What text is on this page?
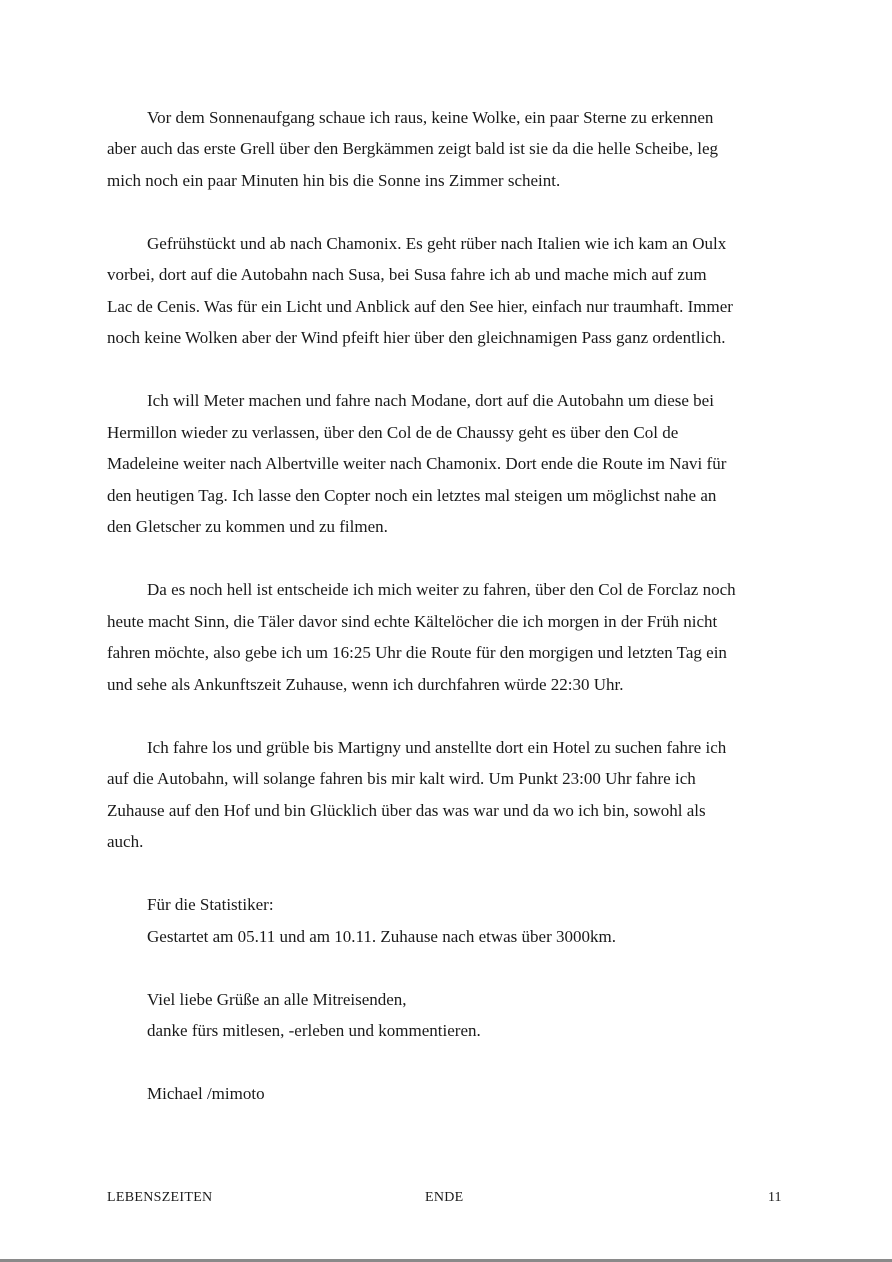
Vor dem Sonnenaufgang schaue ich raus, keine Wolke, ein paar Sterne zu erkennen
aber auch das erste Grell über den Bergkämmen zeigt bald ist sie da die helle Scheibe, leg
mich noch ein paar Minuten hin bis die Sonne ins Zimmer scheint.
Gefrühstückt und ab nach Chamonix. Es geht rüber nach Italien wie ich kam an Oulx
vorbei, dort auf die Autobahn nach Susa, bei Susa fahre ich ab und mache mich auf zum
Lac de Cenis. Was für ein Licht und Anblick auf den See hier, einfach nur traumhaft. Immer
noch keine Wolken aber der Wind pfeift hier über den gleichnamigen Pass ganz ordentlich.
Ich will Meter machen und fahre nach Modane, dort auf die Autobahn um diese bei
Hermillon wieder zu verlassen, über den Col de de Chaussy geht es über den Col de
Madeleine weiter nach Albertville weiter nach Chamonix. Dort ende die Route im Navi für
den heutigen Tag. Ich lasse den Copter noch ein letztes mal steigen um möglichst nahe an
den Gletscher zu kommen und zu filmen.
Da es noch hell ist entscheide ich mich weiter zu fahren, über den Col de Forclaz noch
heute macht Sinn, die Täler davor sind echte Kältelöcher die ich morgen in der Früh nicht
fahren möchte, also gebe ich um 16:25 Uhr die Route für den morgigen und letzten Tag ein
und sehe als Ankunftszeit Zuhause, wenn ich durchfahren würde 22:30 Uhr.
Ich fahre los und grüble bis Martigny und anstellte dort ein Hotel zu suchen fahre ich
auf die Autobahn, will solange fahren bis mir kalt wird. Um Punkt 23:00 Uhr fahre ich
Zuhause auf den Hof und bin Glücklich über das was war und da wo ich bin, sowohl als
auch.
Für die Statistiker:
Gestartet am 05.11 und am 10.11. Zuhause nach etwas über 3000km.
Viel liebe Grüße an alle Mitreisenden,
danke fürs mitlesen, -erleben und kommentieren.
Michael /mimoto
LEBENSZEITEN	ENDE	11
